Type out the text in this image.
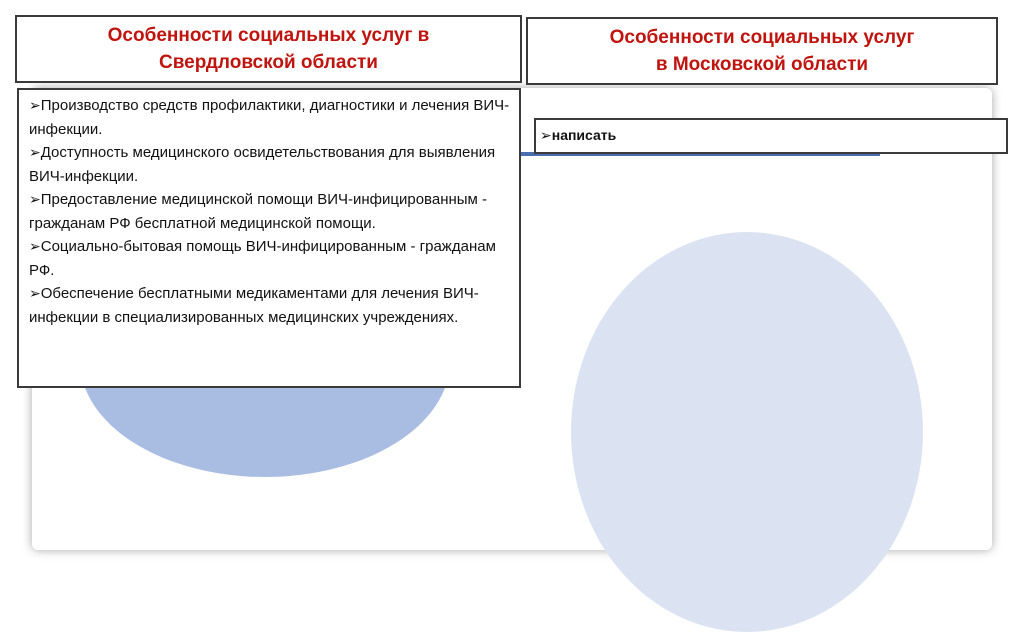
Особенности социальных услуг в
Свердловской области
Особенности социальных услуг
в Московской области
➢Производство средств профилактики, диагностики и лечения ВИЧ-инфекции.
➢Доступность медицинского освидетельствования для выявления ВИЧ-инфекции.
➢Предоставление медицинской помощи ВИЧ-инфицированным - гражданам РФ бесплатной медицинской помощи.
➢Социально-бытовая помощь ВИЧ-инфицированным - гражданам РФ.
➢Обеспечение бесплатными медикаментами для лечения ВИЧ-инфекции в специализированных медицинских учреждениях.
➢написать
